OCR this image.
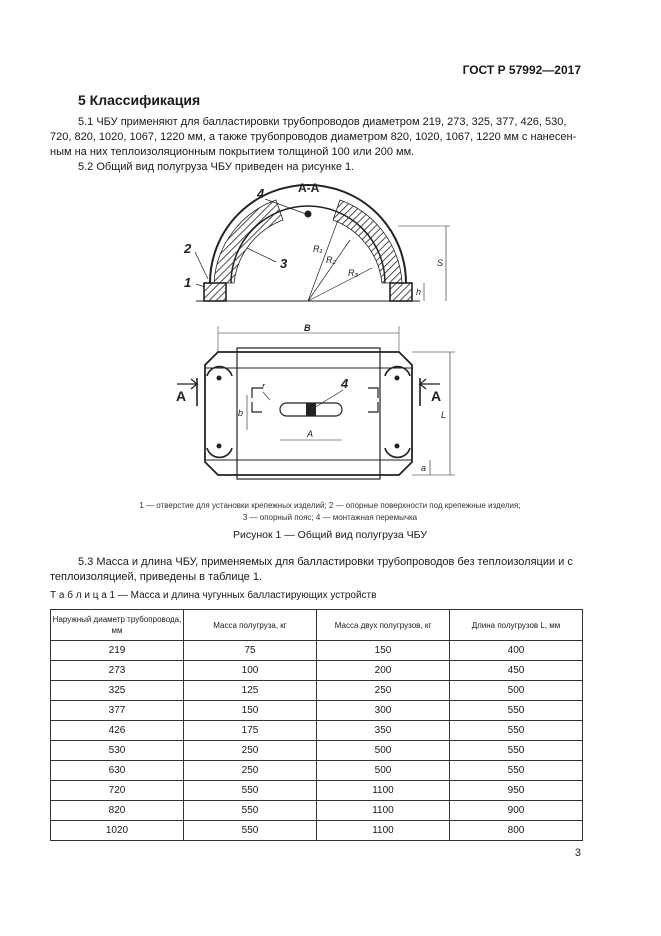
ГОСТ Р 57992—2017
5 Классификация
5.1 ЧБУ применяют для балластировки трубопроводов диаметром 219, 273, 325, 377, 426, 530,
720, 820, 1020, 1067, 1220 мм, а также трубопроводов диаметром 820, 1020, 1067, 1220 мм с нанесен-
ным на них теплоизоляционным покрытием толщиной 100 или 200 мм.
5.2 Общий вид полугруза ЧБУ приведен на рисунке 1.
А-А
4
3
2
1
R₁
R₂
R₃
S
h
B
L
b
A
r
a
4
А	А
1 — отверстие для установки крепежных изделий; 2 — опорные поверхности под крепежные изделия;
3 — опорный пояс; 4 — монтажная перемычка
Рисунок 1 — Общий вид полугруза ЧБУ
5.3 Масса и длина ЧБУ, применяемых для балластировки трубопроводов без теплоизоляции и с
теплоизоляцией, приведены в таблице 1.
Т а б л и ц а 1 — Масса и длина чугунных балластирующих устройств
Наружный диаметр трубопровода, мм	Масса полугруза, кг	Масса двух полугрузов, кг	Длина полугрузов L, мм
219	75	150	400
273	100	200	450
325	125	250	500
377	150	300	550
426	175	350	550
530	250	500	550
630	250	500	550
720	550	1100	950
820	550	1100	900
1020	550	1100	800
3
